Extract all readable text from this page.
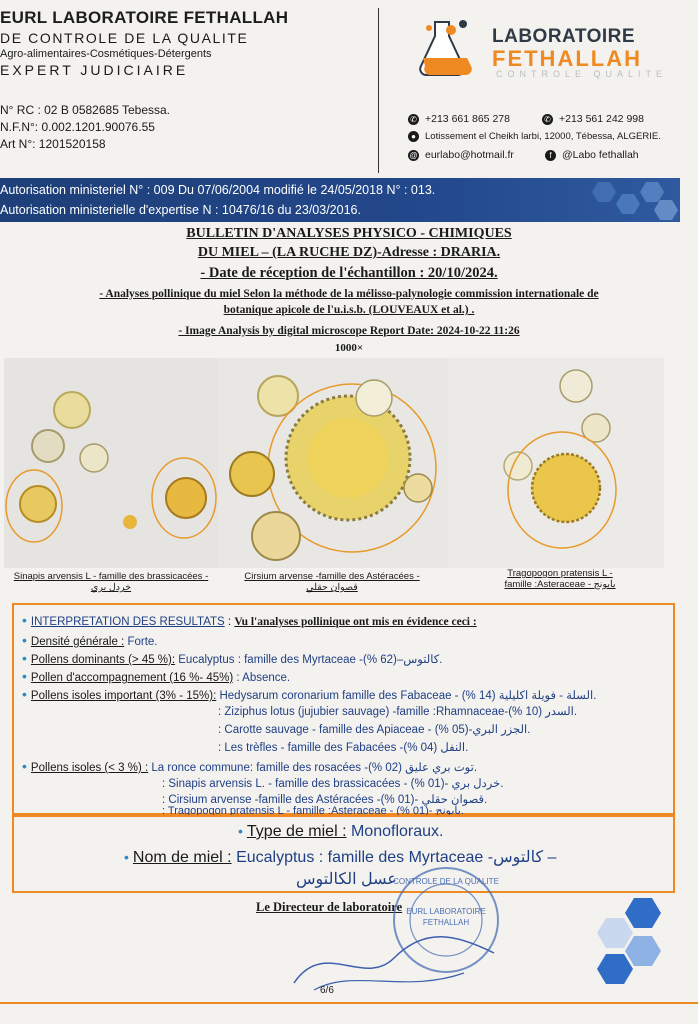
EURL LABORATOIRE FETHALLAH
DE CONTROLE DE LA QUALITE
Agro-alimentaires-Cosmétiques-Détergents
EXPERT JUDICIAIRE
N° RC : 02 B 0582685 Tebessa.
N.F.N°: 0.002.1201.90076.55
Art N°: 1201520158
LABORATOIRE
FETHALLAH
CONTROLE QUALITE
✆ +213 661 865 278	✆ +213 561 242 998
● Lotissement el Cheikh larbi, 12000, Tébessa, ALGERIE.
@ eurlabo@hotmail.fr	f @Labo fethallah
Autorisation ministeriel N° : 009 Du 07/06/2004 modifié le 24/05/2018 N° : 013.
Autorisation ministerielle d'expertise N : 10476/16 du 23/03/2016.
BULLETIN D'ANALYSES PHYSICO - CHIMIQUES
DU MIEL – (LA RUCHE DZ)-Adresse : DRARIA.
- Date de réception de l'échantillon : 20/10/2024.
- Analyses pollinique du miel Selon la méthode de la mélisso-palynologie commission internationale de
botanique apicole de l'u.i.s.b. (LOUVEAUX et al.) .
- Image Analysis by digital microscope Report Date: 2024-10-22 11:26
1000×
Sinapis arvensis L - famille des brassicacées -
خردل بري
Cirsium arvense -famille des Astéracées -
قصوان حقلي
Tragopogon pratensis L -
famille :Asteraceae - بابونج
• INTERPRETATION DES RESULTATS : Vu l'analyses pollinique ont mis en évidence ceci :
• Densité générale : Forte.
• Pollens dominants (> 45 %): Eucalyptus : famille des Myrtaceae -كالتوس–(62 %).
• Pollen d'accompagnement (16 %- 45%) : Absence.
• Pollens isoles important (3% - 15%): Hedysarum coronarium famille des Fabaceae - السلة - فويلة اكليلية (14 %).
: Ziziphus lotus (jujubier sauvage) -famille :Rhamnaceae-السدر (10 %).
: Carotte sauvage - famille des Apiaceae - الجزر البري-(05 %).
: Les trèfles - famille des Fabacées -النفل (04 %).
• Pollens isoles (< 3 %) : La ronce commune: famille des rosacées -توت بري عليق (02 %).
: Sinapis arvensis L. - famille des brassicacées - خردل بري -(01 %).
: Cirsium arvense -famille des Astéracées -قصوان حقلي -(01 %).
: Tragopogon pratensis L - famille :Asteraceae - بابونج -(01 %).
• Type de miel : Monofloraux.
• Nom de miel : Eucalyptus : famille des Myrtaceae -كالتوس –
عسل الكالتوس
Le Directeur de laboratoire
CONTROLE DE LA QUALITE
EURL LABORATOIRE
FETHALLAH
6/6
